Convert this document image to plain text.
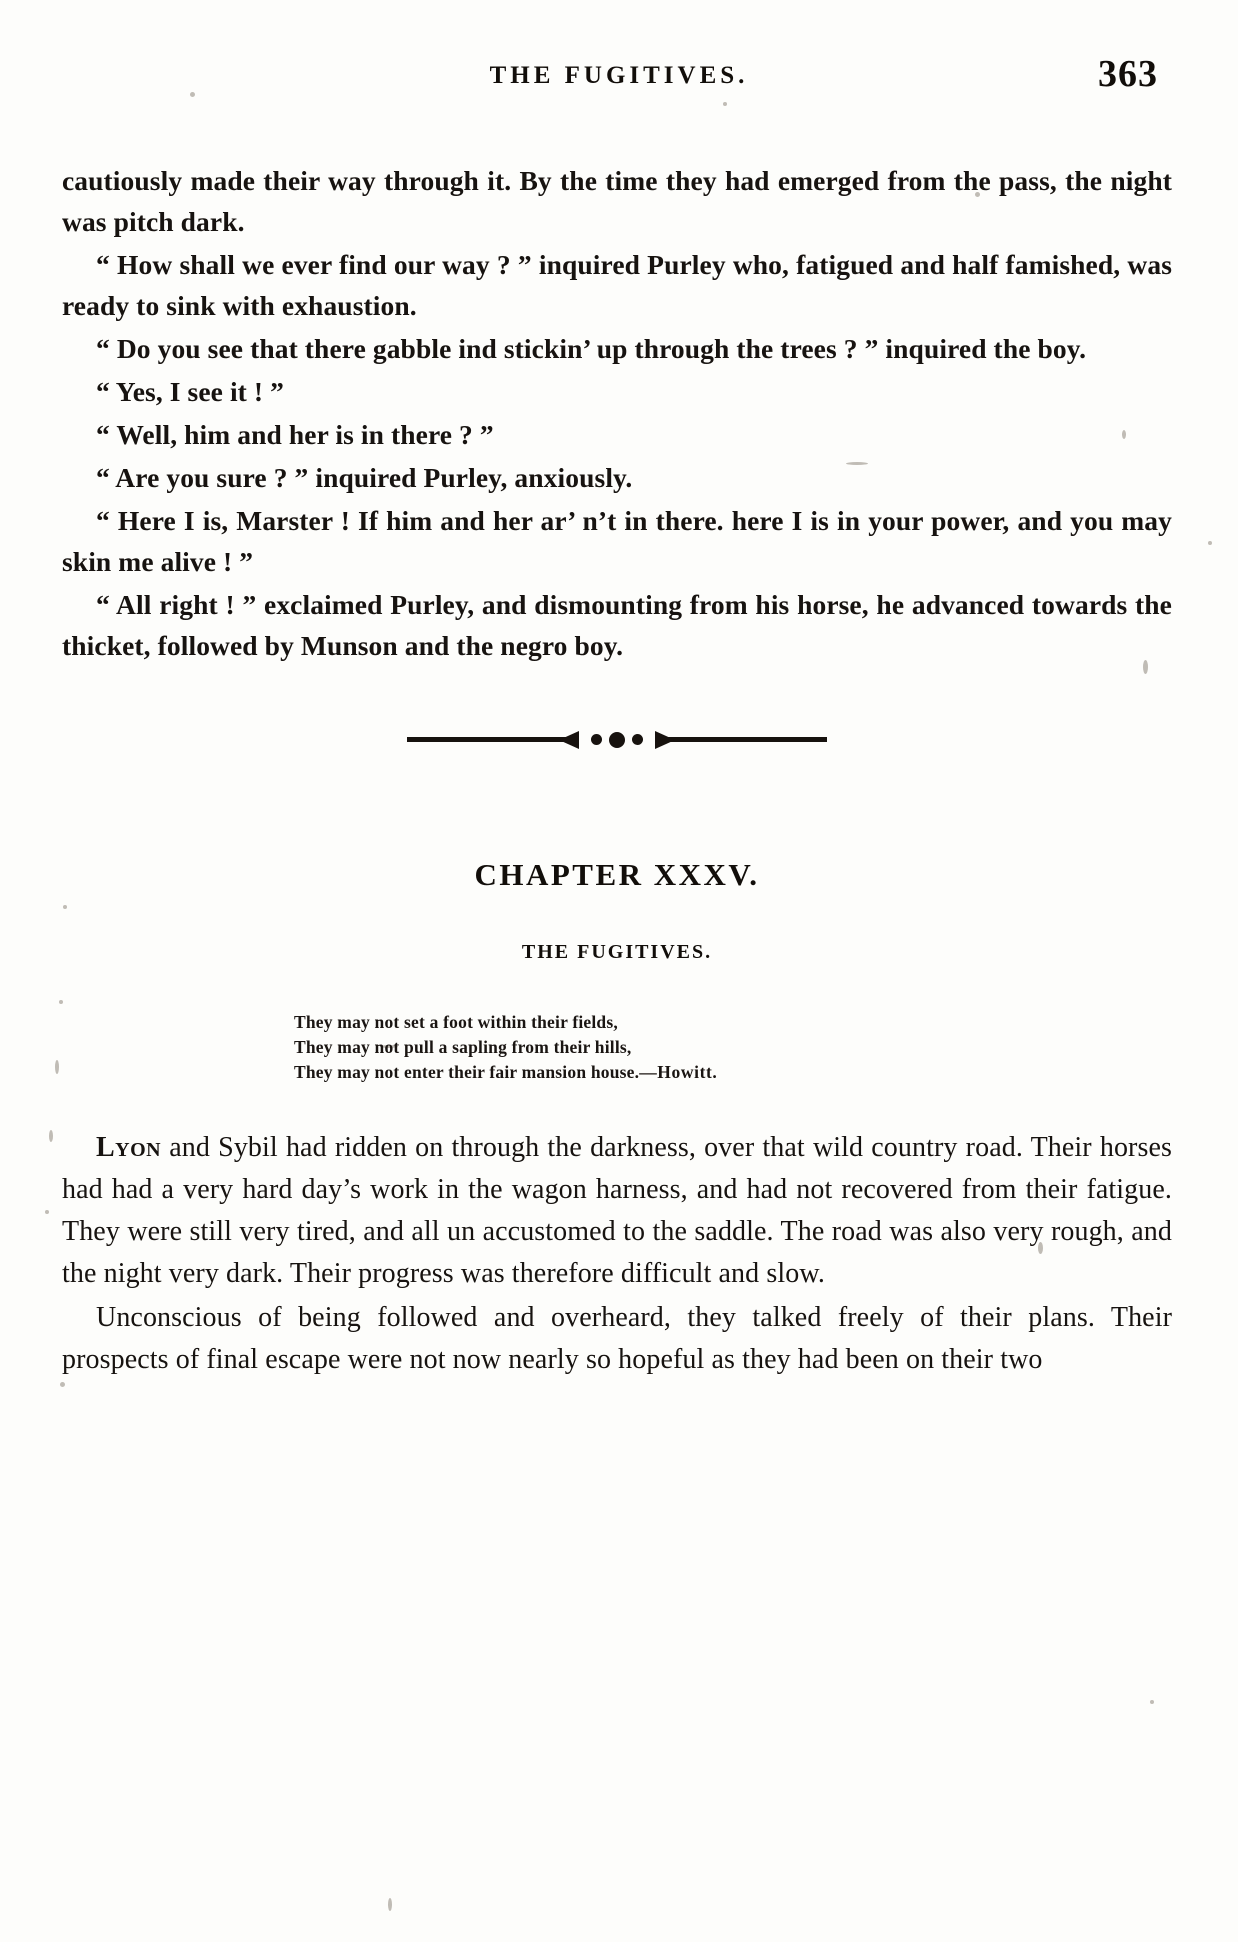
THE FUGITIVES.	363

cautiously made their way through it. By the time they had emerged from the pass, the night was pitch dark.

“ How shall we ever find our way ? ” inquired Purley who, fatigued and half famished, was ready to sink with exhaustion.

“ Do you see that there gabble ind stickin’ up through the trees ? ” inquired the boy.

“ Yes, I see it ! ”

“ Well, him and her is in there ? ”

“ Are you sure ? ” inquired Purley, anxiously.

“ Here I is, Marster ! If him and her ar’ n’t in there. here I is in your power, and you may skin me alive ! ”

“ All right ! ” exclaimed Purley, and dismounting from his horse, he advanced towards the thicket, followed by Munson and the negro boy.

CHAPTER XXXV.
THE FUGITIVES.
They may not set a foot within their fields,
They may not pull a sapling from their hills,
They may not enter their fair mansion house.—Howitt.

Lyon and Sybil had ridden on through the darkness, over that wild country road. Their horses had had a very hard day’s work in the wagon harness, and had not recovered from their fatigue. They were still very tired, and all un accustomed to the saddle. The road was also very rough, and the night very dark. Their progress was therefore difficult and slow.

Unconscious of being followed and overheard, they talked freely of their plans. Their prospects of final escape were not now nearly so hopeful as they had been on their two
